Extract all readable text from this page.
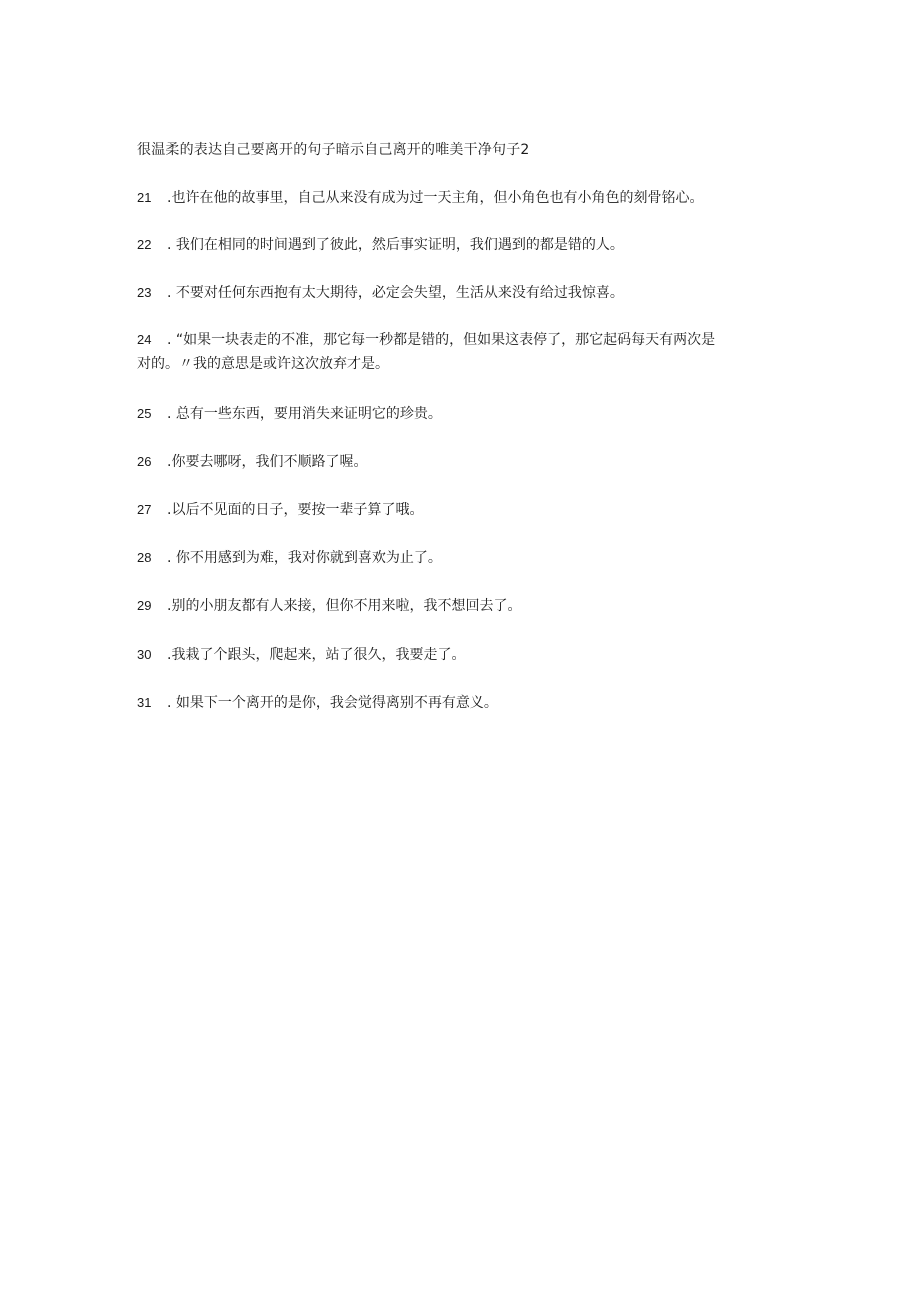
很温柔的表达自己要离开的句子暗示自己离开的唯美干净句子2
21	.也许在他的故事里，自己从来没有成为过一天主角，但小角色也有小角色的刻骨铭心。
22	. 我们在相同的时间遇到了彼此，然后事实证明，我们遇到的都是错的人。
23	. 不要对任何东西抱有太大期待，必定会失望，生活从来没有给过我惊喜。
24	. “如果一块表走的不准，那它每一秒都是错的，但如果这表停了，那它起码每天有两次是
对的。〃我的意思是或许这次放弃才是。
25	. 总有一些东西，要用消失来证明它的珍贵。
26	.你要去哪呀，我们不顺路了喔。
27	.以后不见面的日子，要按一辈子算了哦。
28	. 你不用感到为难，我对你就到喜欢为止了。
29	.别的小朋友都有人来接，但你不用来啦，我不想回去了。
30	.我栽了个跟头，爬起来，站了很久，我要走了。
31	. 如果下一个离开的是你，我会觉得离别不再有意义。
